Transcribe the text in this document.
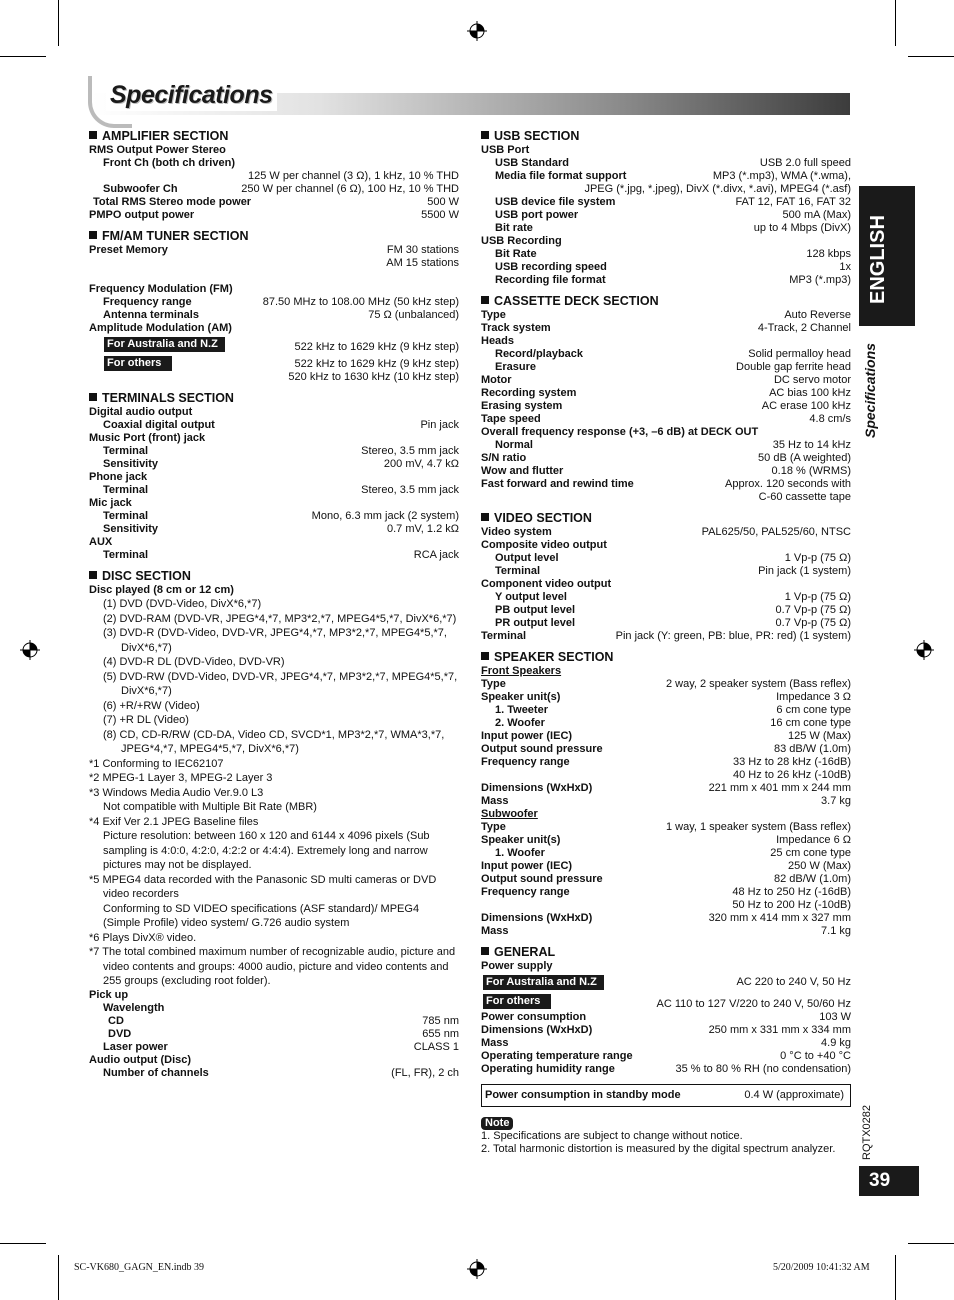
Specifications
ENGLISH
Specifications
RQTX0282
39
AMPLIFIER SECTION
RMS Output Power Stereo
Front Ch (both ch driven)
125 W per channel (3 Ω), 1 kHz, 10 % THD
Subwoofer Ch	250 W per channel (6 Ω), 100 Hz, 10 % THD
Total RMS Stereo mode power	500 W
PMPO output power	5500 W
FM/AM TUNER SECTION
Preset Memory	FM 30 stations
AM 15 stations
Frequency Modulation (FM)
Frequency range	87.50 MHz to 108.00 MHz (50 kHz step)
Antenna terminals	75 Ω (unbalanced)
Amplitude Modulation (AM)
For Australia and N.Z	522 kHz to 1629 kHz (9 kHz step)
For others	522 kHz to 1629 kHz (9 kHz step)
520 kHz to 1630 kHz (10 kHz step)
TERMINALS SECTION
Digital audio output
Coaxial digital output	Pin jack
Music Port (front) jack
Terminal	Stereo, 3.5 mm jack
Sensitivity	200 mV, 4.7 kΩ
Phone jack
Terminal	Stereo, 3.5 mm jack
Mic jack
Terminal	Mono, 6.3 mm jack (2 system)
Sensitivity	0.7 mV, 1.2 kΩ
AUX
Terminal	RCA jack
DISC SECTION
Disc played (8 cm or 12 cm)
(1) DVD (DVD-Video, DivX*6,*7)
(2) DVD-RAM (DVD-VR, JPEG*4,*7, MP3*2,*7, MPEG4*5,*7, DivX*6,*7)
(3) DVD-R (DVD-Video, DVD-VR, JPEG*4,*7, MP3*2,*7, MPEG4*5,*7,
DivX*6,*7)
(4) DVD-R DL (DVD-Video, DVD-VR)
(5) DVD-RW (DVD-Video, DVD-VR, JPEG*4,*7, MP3*2,*7, MPEG4*5,*7,
DivX*6,*7)
(6) +R/+RW (Video)
(7) +R DL (Video)
(8) CD, CD-R/RW (CD-DA, Video CD, SVCD*1, MP3*2,*7, WMA*3,*7,
JPEG*4,*7, MPEG4*5,*7, DivX*6,*7)
*1 Conforming to IEC62107
*2 MPEG-1 Layer 3, MPEG-2 Layer 3
*3 Windows Media Audio Ver.9.0 L3
Not compatible with Multiple Bit Rate (MBR)
*4 Exif Ver 2.1 JPEG Baseline files
Picture resolution: between 160 x 120 and 6144 x 4096 pixels (Sub sampling is 4:0:0, 4:2:0, 4:2:2 or 4:4:4). Extremely long and narrow pictures may not be displayed.
*5 MPEG4 data recorded with the Panasonic SD multi cameras or DVD video recorders
Conforming to SD VIDEO specifications (ASF standard)/ MPEG4 (Simple Profile) video system/ G.726 audio system
*6 Plays DivX® video.
*7 The total combined maximum number of recognizable audio, picture and video contents and groups: 4000 audio, picture and video contents and 255 groups (excluding root folder).
Pick up
Wavelength
CD	785 nm
DVD	655 nm
Laser power	CLASS 1
Audio output (Disc)
Number of channels	(FL, FR), 2 ch
USB SECTION
USB Port
USB Standard	USB 2.0 full speed
Media file format support	MP3 (*.mp3), WMA (*.wma),
JPEG (*.jpg, *.jpeg), DivX (*.divx, *.avi), MPEG4 (*.asf)
USB device file system	FAT 12, FAT 16, FAT 32
USB port power	500 mA (Max)
Bit rate	up to 4 Mbps (DivX)
USB Recording
Bit Rate	128 kbps
USB recording speed	1x
Recording file format	MP3 (*.mp3)
CASSETTE DECK SECTION
Type	Auto Reverse
Track system	4-Track, 2 Channel
Heads
Record/playback	Solid permalloy head
Erasure	Double gap ferrite head
Motor	DC servo motor
Recording system	AC bias 100 kHz
Erasing system	AC erase 100 kHz
Tape speed	4.8 cm/s
Overall frequency response (+3, –6 dB) at DECK OUT
Normal	35 Hz to 14 kHz
S/N ratio	50 dB (A weighted)
Wow and flutter	0.18 % (WRMS)
Fast forward and rewind time	Approx. 120 seconds with
C-60 cassette tape
VIDEO SECTION
Video system	PAL625/50, PAL525/60, NTSC
Composite video output
Output level	1 Vp-p (75 Ω)
Terminal	Pin jack (1 system)
Component video output
Y output level	1 Vp-p (75 Ω)
PB output level	0.7 Vp-p (75 Ω)
PR output level	0.7 Vp-p (75 Ω)
Terminal	Pin jack (Y: green, PB: blue, PR: red) (1 system)
SPEAKER SECTION
Front Speakers
Type	2 way, 2 speaker system (Bass reflex)
Speaker unit(s)	Impedance 3 Ω
1. Tweeter	6 cm cone type
2. Woofer	16 cm cone type
Input power (IEC)	125 W (Max)
Output sound pressure	83 dB/W (1.0m)
Frequency range	33 Hz to 28 kHz (-16dB)
40 Hz to 26 kHz (-10dB)
Dimensions (WxHxD)	221 mm x 401 mm x 244 mm
Mass	3.7 kg
Subwoofer
Type	1 way, 1 speaker system (Bass reflex)
Speaker unit(s)	Impedance 6 Ω
1. Woofer	25 cm cone type
Input power (IEC)	250 W (Max)
Output sound pressure	82 dB/W (1.0m)
Frequency range	48 Hz to 250 Hz (-16dB)
50 Hz to 200 Hz (-10dB)
Dimensions (WxHxD)	320 mm x 414 mm x 327 mm
Mass	7.1 kg
GENERAL
Power supply
For Australia and N.Z	AC 220 to 240 V, 50 Hz
For others	AC 110 to 127 V/220 to 240 V, 50/60 Hz
Power consumption	103 W
Dimensions (WxHxD)	250 mm x 331 mm x 334 mm
Mass	4.9 kg
Operating temperature range	0 °C to +40 °C
Operating humidity range	35 % to 80 % RH (no condensation)
Power consumption in standby mode	0.4 W (approximate)
Note
1. Specifications are subject to change without notice.
2. Total harmonic distortion is measured by the digital spectrum analyzer.
SC-VK680_GAGN_EN.indb 39	5/20/2009 10:41:32 AM
